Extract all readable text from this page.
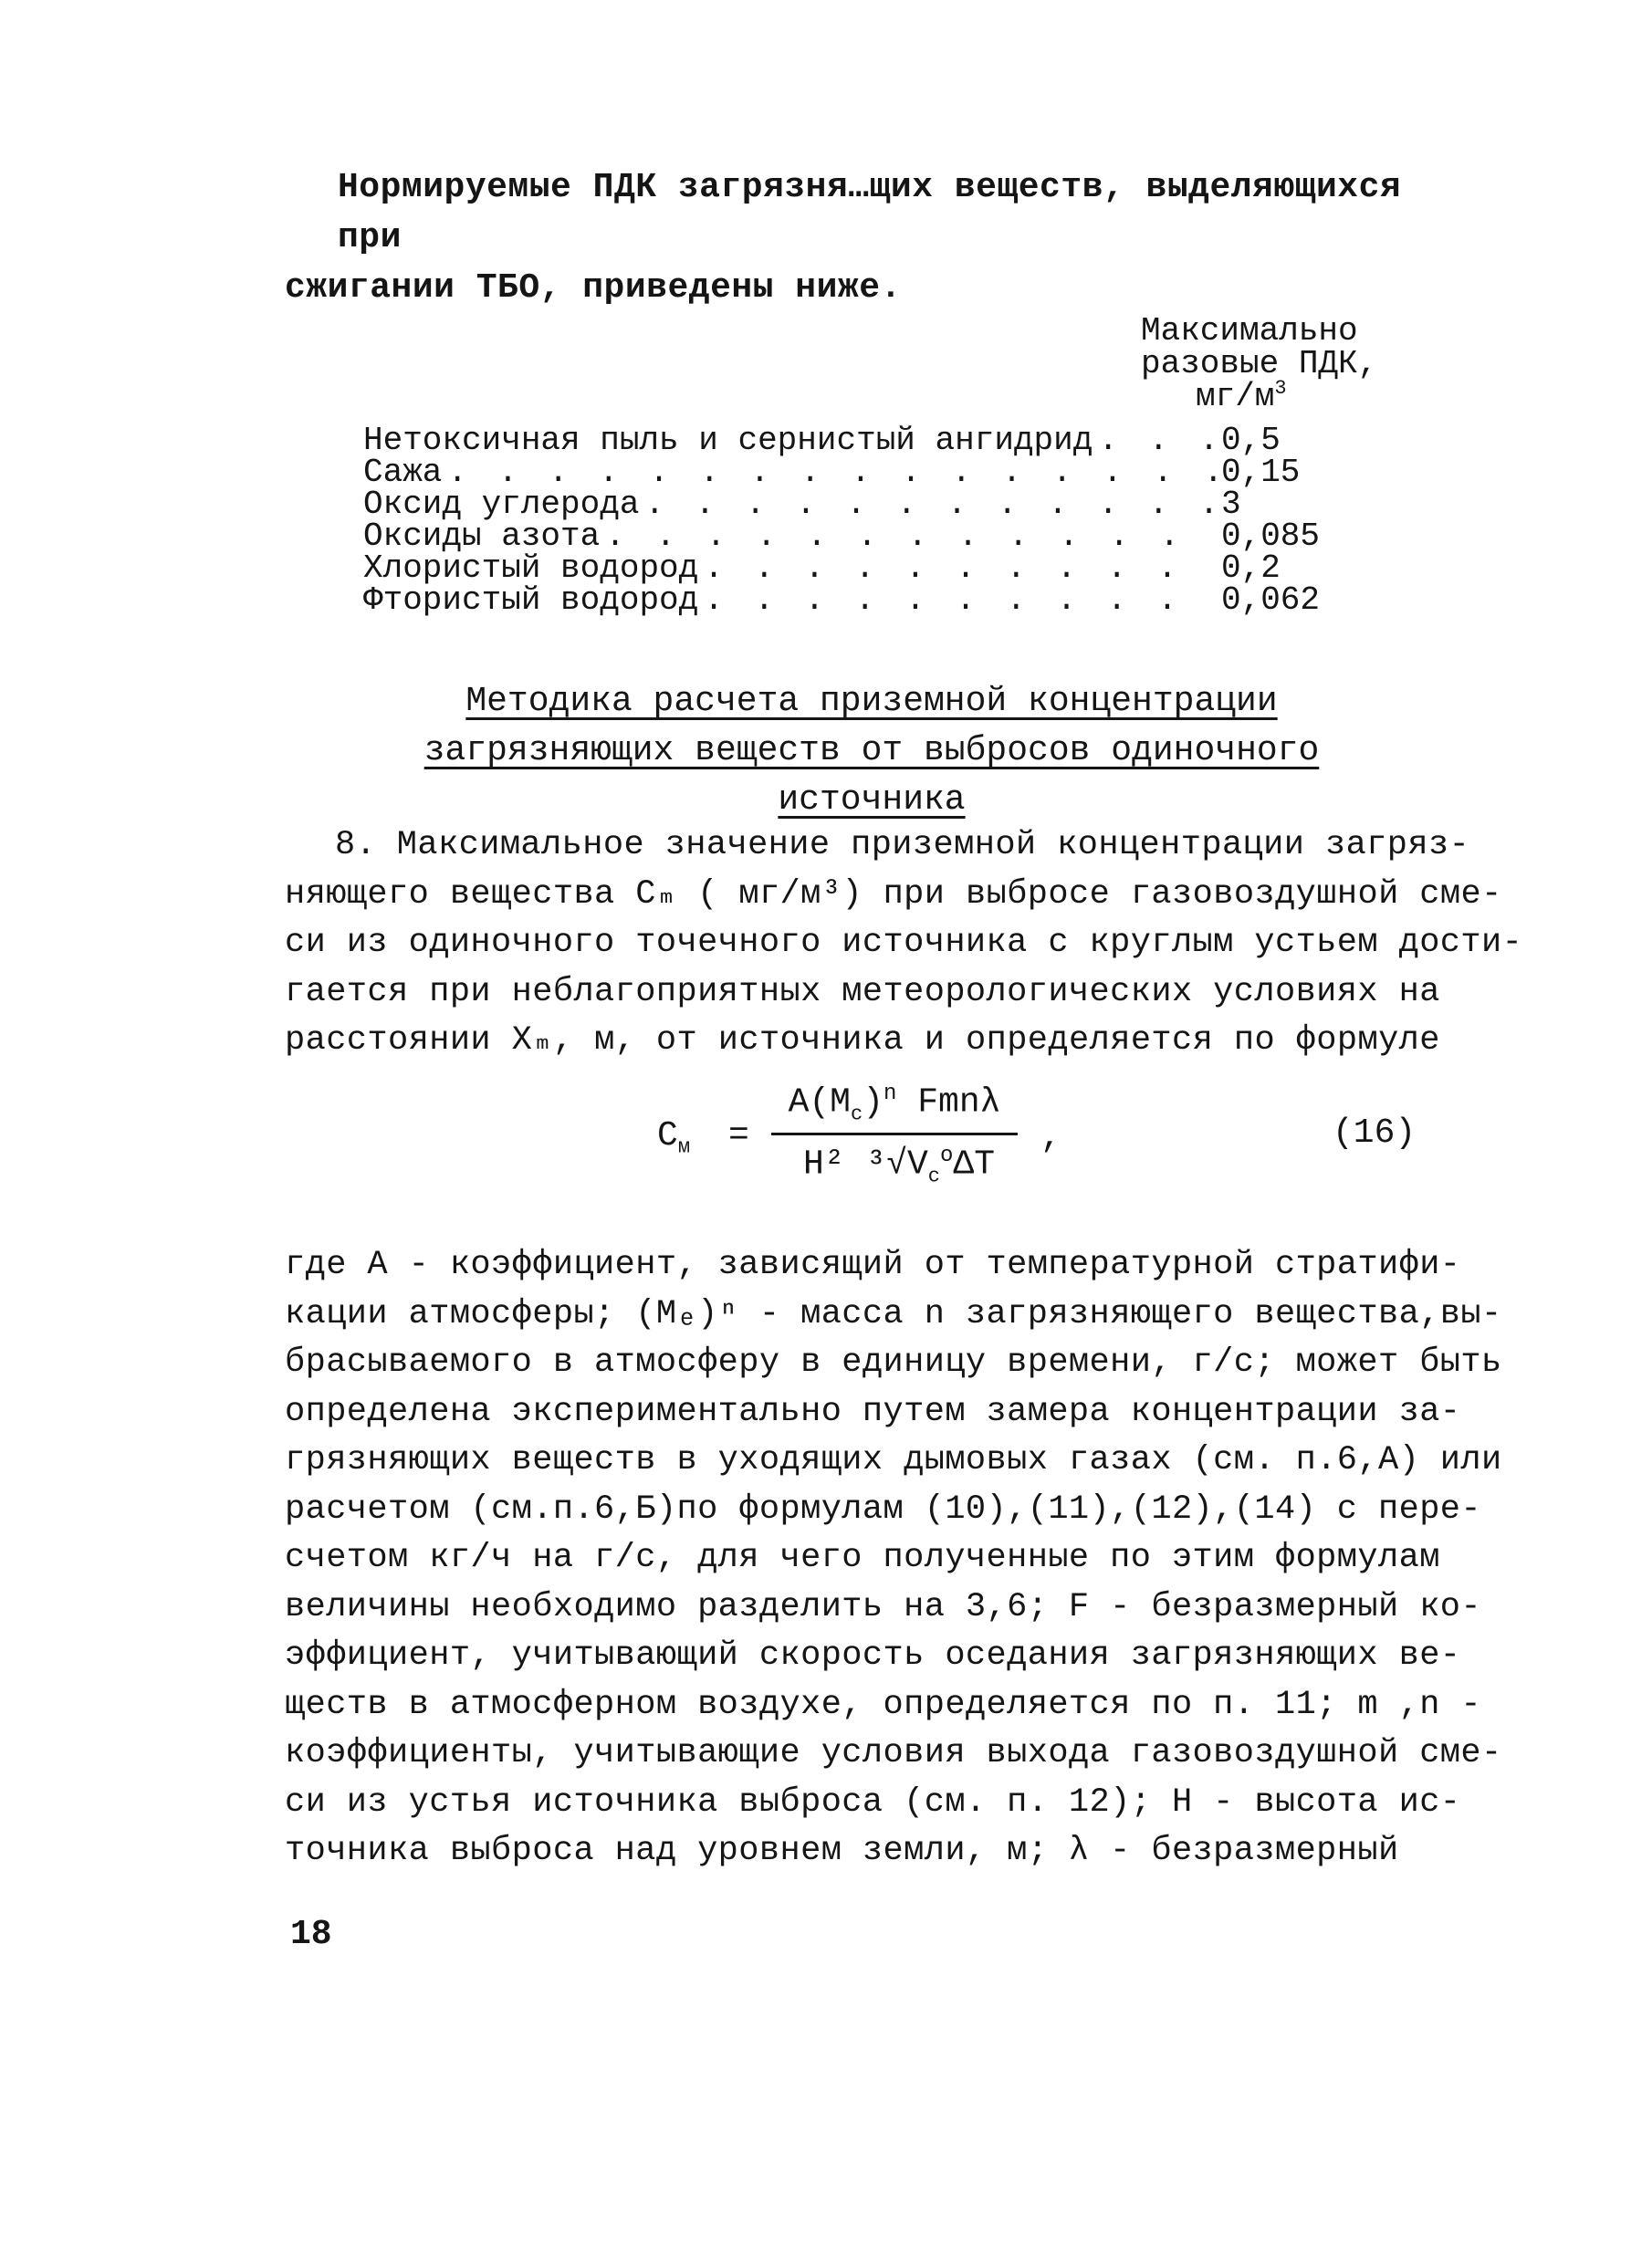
Нормируемые ПДК загрязня…щих веществ, выделяющихся при
сжигании ТБО, приведены ниже.
Максимально
разовые ПДК,
$мг/м^3$
Нетоксичная пыль и сернистый ангидрид . . .	0,5
Сажа . . .	0,15
Оксид углерода . . .	3
Оксиды азота . . .	0,085
Хлористый водород . . .	0,2
Фтористый водород . . .	0,062
Методика расчета приземной концентрации
загрязняющих веществ от выбросов одиночного источника
8. Максимальное значение приземной концентрации загряз-
няющего вещества Cₘ ( мг/м³) при выбросе газовоздушной сме-
си из одиночного точечного источника с круглым устьем дости-
гается при неблагоприятных метеорологических условиях на
расстоянии Xₘ, м, от источника и определяется по формуле
$C_м$ =
$A(M_c)^n$ Fmnλ
H² $^3√V_c^o\Delta T$
,	(16)
где A - коэффициент, зависящий от температурной стратифи-
кации атмосферы; (Mₑ)ⁿ - масса n загрязняющего вещества,вы-
брасываемого в атмосферу в единицу времени, г/с; может быть
определена экспериментально путем замера концентрации за-
грязняющих веществ в уходящих дымовых газах (см. п.6,A) или
расчетом (см.п.6,Б)по формулам (10),(11),(12),(14) с пере-
счетом кг/ч на г/с, для чего полученные по этим формулам
величины необходимо разделить на 3,6; F - безразмерный ко-
эффициент, учитывающий скорость оседания загрязняющих ве-
ществ в атмосферном воздухе, определяется по п. 11; m ,n -
коэффициенты, учитывающие условия выхода газовоздушной сме-
си из устья источника выброса (см. п. 12); H - высота ис-
точника выброса над уровнем земли, м; λ - безразмерный
18
